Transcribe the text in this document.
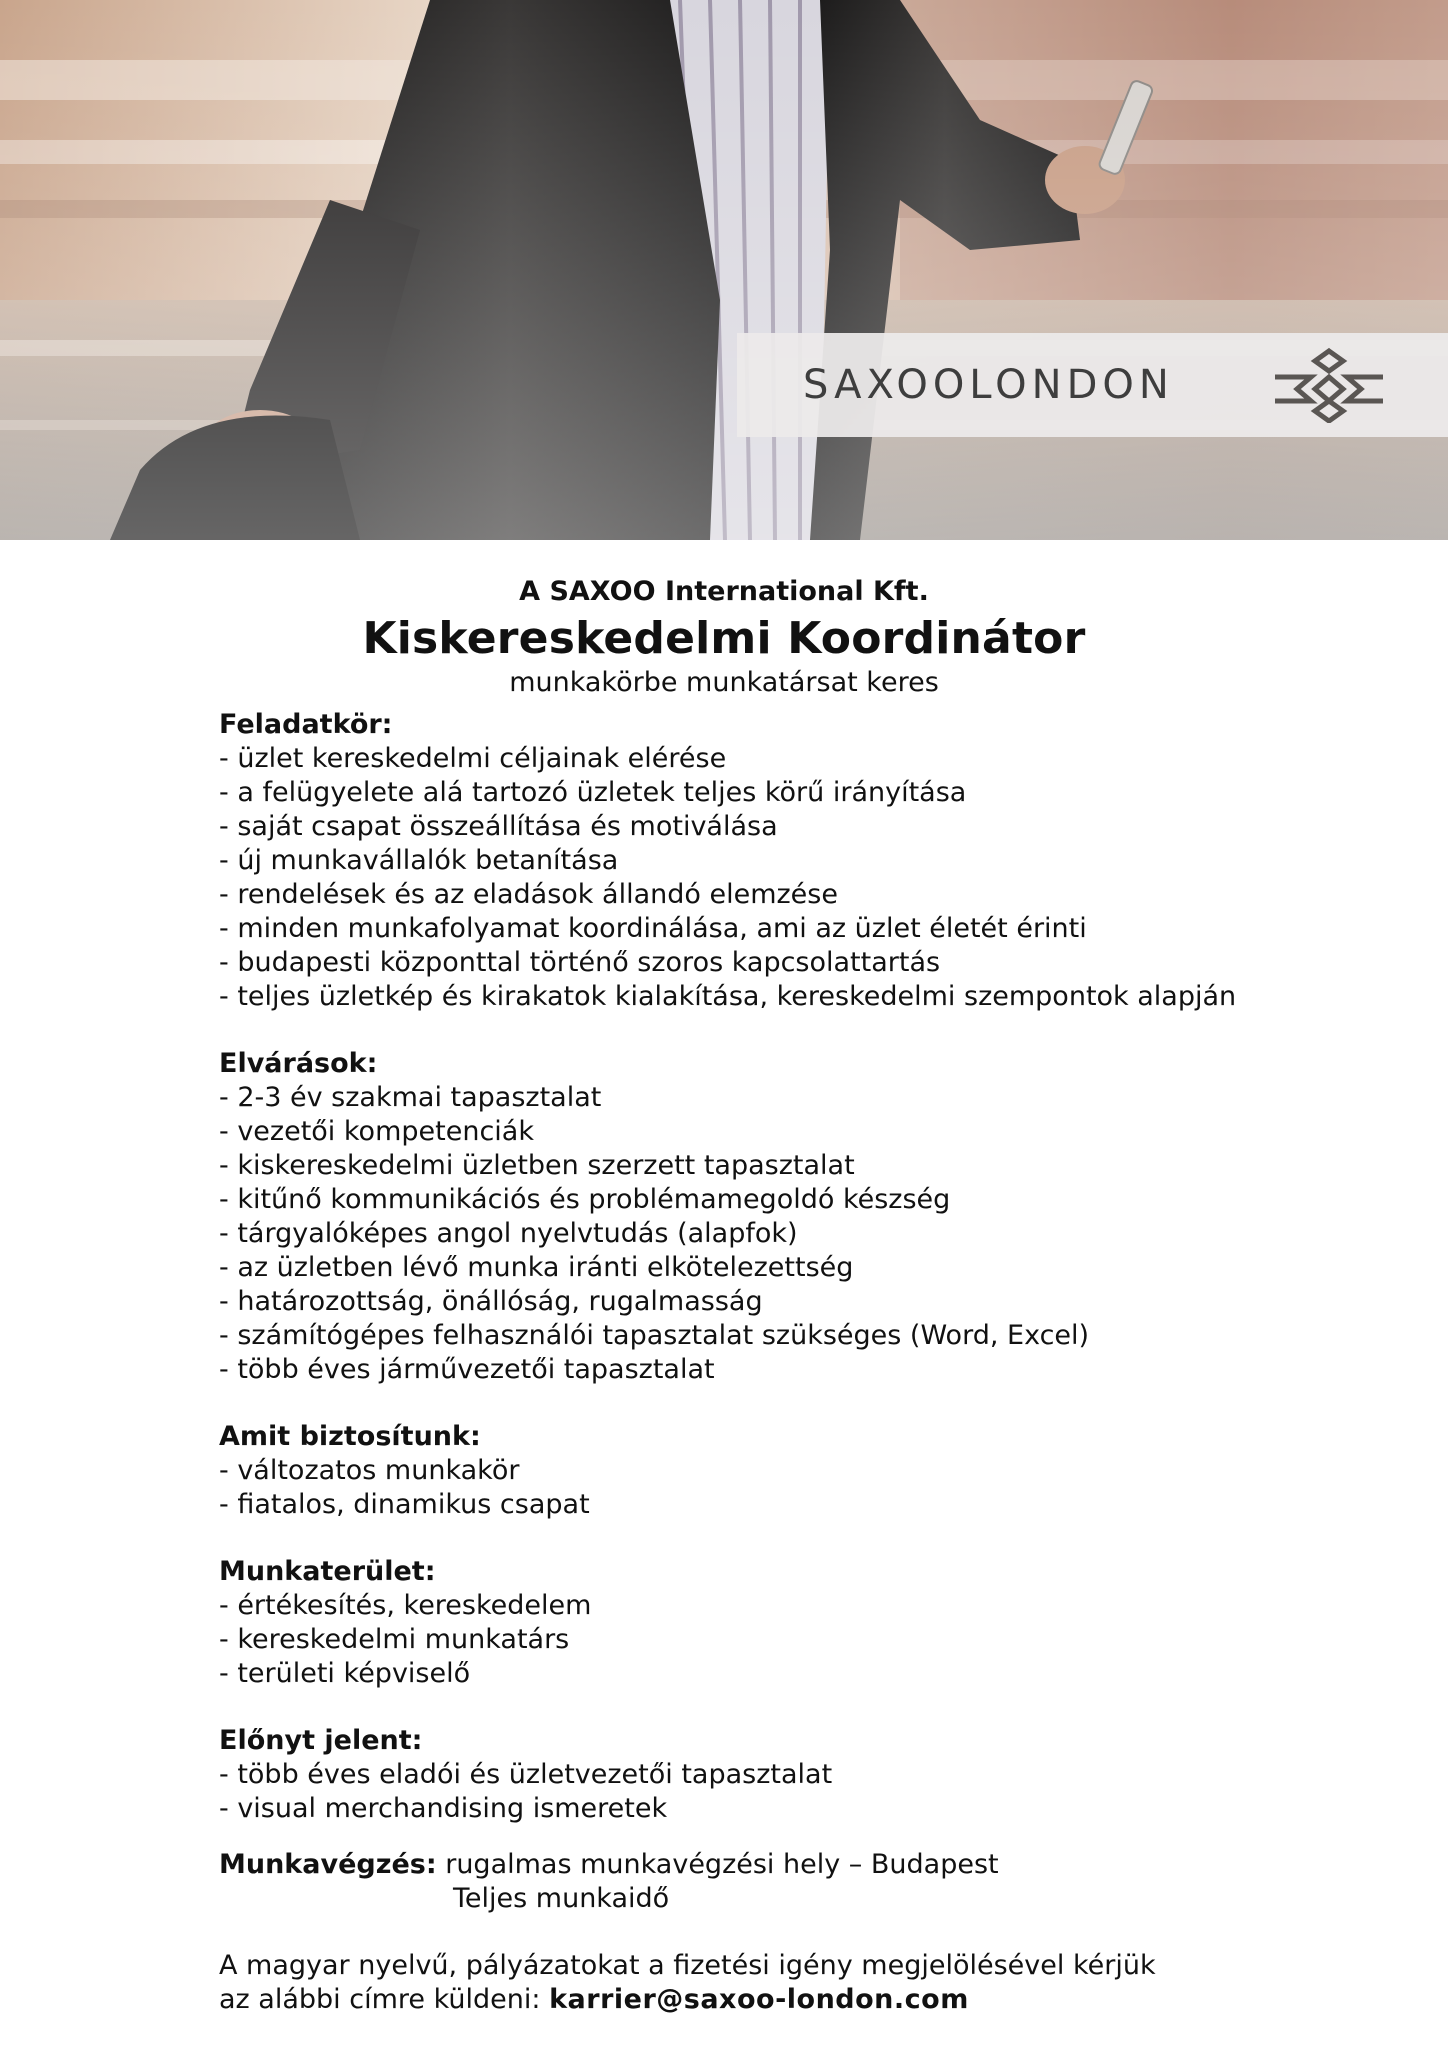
SAXOOLONDON
A SAXOO International Kft.
Kiskereskedelmi Koordinátor
munkakörbe munkatársat keres
Feladatkör:
- üzlet kereskedelmi céljainak elérése
- a felügyelete alá tartozó üzletek teljes körű irányítása
- saját csapat összeállítása és motiválása
- új munkavállalók betanítása
- rendelések és az eladások állandó elemzése
- minden munkafolyamat koordinálása, ami az üzlet életét érinti
- budapesti központtal történő szoros kapcsolattartás
- teljes üzletkép és kirakatok kialakítása, kereskedelmi szempontok alapján
Elvárások:
- 2-3 év szakmai tapasztalat
- vezetői kompetenciák
- kiskereskedelmi üzletben szerzett tapasztalat
- kitűnő kommunikációs és problémamegoldó készség
- tárgyalóképes angol nyelvtudás (alapfok)
- az üzletben lévő munka iránti elkötelezettség
- határozottság, önállóság, rugalmasság
- számítógépes felhasználói tapasztalat szükséges (Word, Excel)
- több éves járművezetői tapasztalat
Amit biztosítunk:
- változatos munkakör
- fiatalos, dinamikus csapat
Munkaterület:
- értékesítés, kereskedelem
- kereskedelmi munkatárs
- területi képviselő
Előnyt jelent:
- több éves eladói és üzletvezetői tapasztalat
- visual merchandising ismeretek
Munkavégzés: rugalmas munkavégzési hely – Budapest
Teljes munkaidő
A magyar nyelvű, pályázatokat a fizetési igény megjelölésével kérjük
az alábbi címre küldeni: karrier@saxoo-london.com
